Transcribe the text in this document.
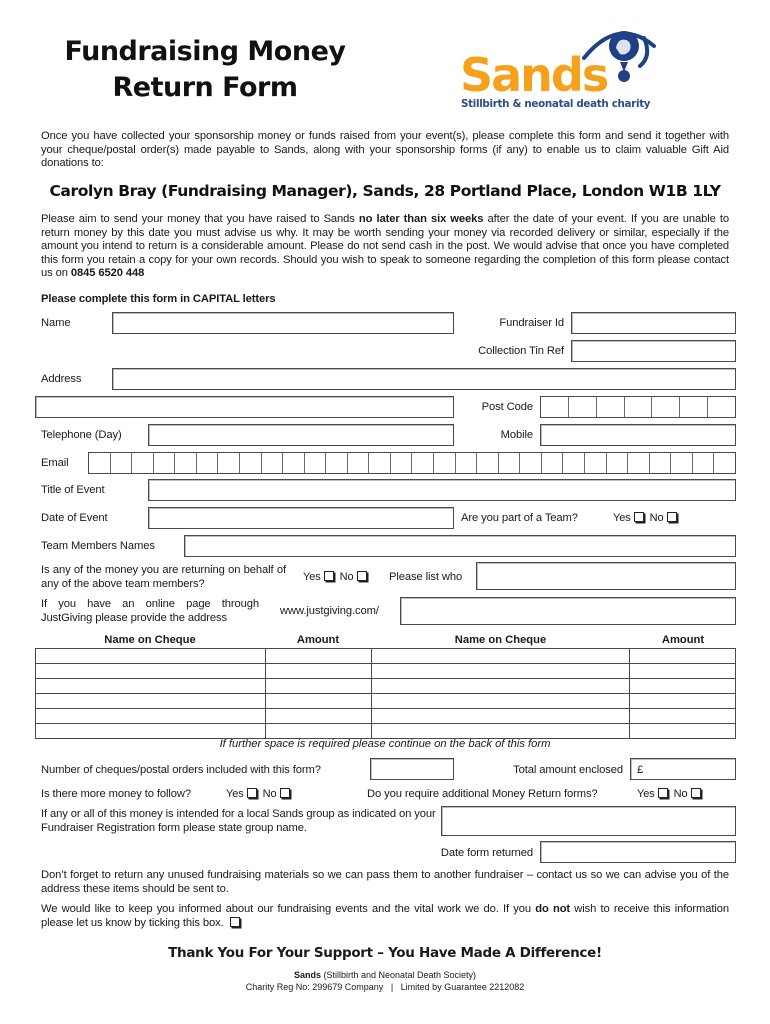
Fundraising Money
Return Form	Sands
Stillbirth & neonatal death charity
Once you have collected your sponsorship money or funds raised from your event(s), please complete this form and send it together with your cheque/postal order(s) made payable to Sands, along with your sponsorship forms (if any) to enable us to claim valuable Gift Aid donations to:
Carolyn Bray (Fundraising Manager), Sands, 28 Portland Place, London W1B 1LY
Please aim to send your money that you have raised to Sands no later than six weeks after the date of your event. If you are unable to return money by this date you must advise us why. It may be worth sending your money via recorded delivery or similar, especially if the amount you intend to return is a considerable amount. Please do not send cash in the post. We would advise that once you have completed this form you retain a copy for your own records. Should you wish to speak to someone regarding the completion of this form please contact us on 0845 6520 448
Please complete this form in CAPITAL letters
Name	Fundraiser Id
Collection Tin Ref
Address
Post Code
Telephone (Day)	Mobile
Email
Title of Event
Date of Event	Are you part of a Team?	Yes No
Team Members Names
Is any of the money you are returning on behalf of any of the above team members?
Yes No	Please list who
If you have an online page through JustGiving please provide the address
www.justgiving.com/
Name on Cheque	Amount	Name on Cheque	Amount

If further space is required please continue on the back of this form
Number of cheques/postal orders included with this form?	Total amount enclosed £
Is there more money to follow?	Yes No	Do you require additional Money Return forms?	Yes No
If any or all of this money is intended for a local Sands group as indicated on your Fundraiser Registration form please state group name.
Date form returned
Don’t forget to return any unused fundraising materials so we can pass them to another fundraiser – contact us so we can advise you of the address these items should be sent to.
We would like to keep you informed about our fundraising events and the vital work we do. If you do not wish to receive this information please let us know by ticking this box.
Thank You For Your Support – You Have Made A Difference!
Sands (Stillbirth and Neonatal Death Society)
Charity Reg No: 299679 Company | Limited by Guarantee 2212082
